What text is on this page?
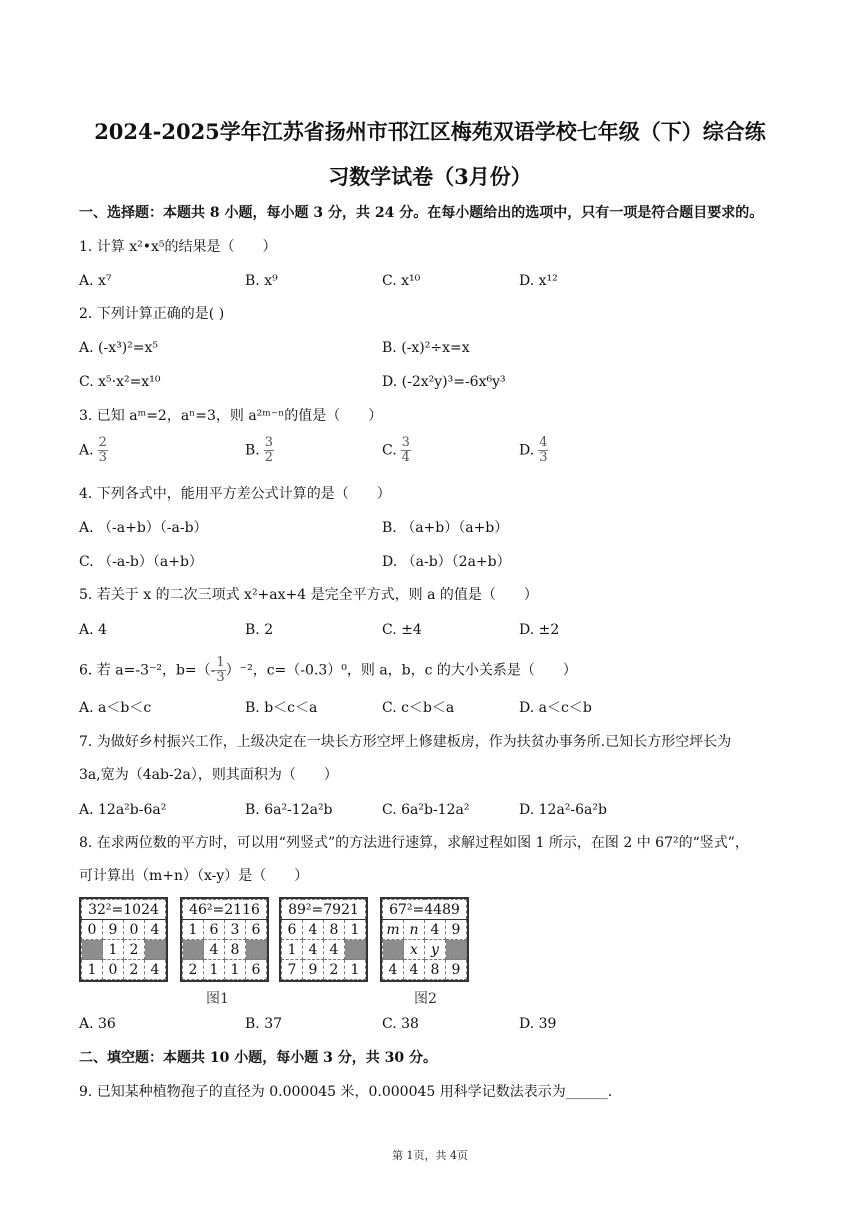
2024-2025学年江苏省扬州市邗江区梅苑双语学校七年级（下）综合练
习数学试卷（3月份）
一、选择题：本题共 8 小题，每小题 3 分，共 24 分。在每小题给出的选项中，只有一项是符合题目要求的。
1. 计算 x²•x⁵的结果是（　　）
A. x⁷	B. x⁹	C. x¹⁰	D. x¹²
2. 下列计算正确的是( )
A. (-x³)²=x⁵	B. (-x)²÷x=x
C. x⁵·x²=x¹⁰	D. (-2x²y)³=-6x⁶y³
3. 已知 aᵐ=2，aⁿ=3，则 a²ᵐ⁻ⁿ的值是（　　）
A. $\frac{2}{3}$	B. $\frac{3}{2}$	C. $\frac{3}{4}$	D. $\frac{4}{3}$
4. 下列各式中，能用平方差公式计算的是（　　）
A. （-a+b）（-a-b）	B. （a+b）（a+b）
C. （-a-b）（a+b）	D. （a-b）（2a+b）
5. 若关于 x 的二次三项式 x²+ax+4 是完全平方式，则 a 的值是（　　）
A. 4	B. 2	C. ±4	D. ±2
6. 若 a=-3⁻²，$b=(- \frac{1}{3} )^{-2}$，c=（-0.3）⁰，则 a，b，c 的大小关系是（　　）
A. a＜b＜c	B. b＜c＜a	C. c＜b＜a	D. a＜c＜b
7. 为做好乡村振兴工作，上级决定在一块长方形空坪上修建板房，作为扶贫办事务所.已知长方形空坪长为
3a,宽为（4ab-2a），则其面积为（　　）
A. 12a²b-6a²	B. 6a²-12a²b	C. 6a²b-12a²	D. 12a²-6a²b
8. 在求两位数的平方时，可以用“列竖式”的方法进行速算，求解过程如图 1 所示，在图 2 中 67²的“竖式”，
可计算出（m+n）（x-y）是（　　）
32²=1024			
0	9	0	4
	1	2	
1	0	2	4
46²=2116			
1	6	3	6
	4	8	
2	1	1	6
89²=7921			
6	4	8	1
1	4	4	
7	9	2	1
67²=4489			
m	n	4	9
	x	y	
4	4	8	9
图1	图2
A. 36	B. 37	C. 38	D. 39
二、填空题：本题共 10 小题，每小题 3 分，共 30 分。
9. 已知某种植物孢子的直径为 0.000045 米，0.000045 用科学记数法表示为______.
第 1页，共 4页
